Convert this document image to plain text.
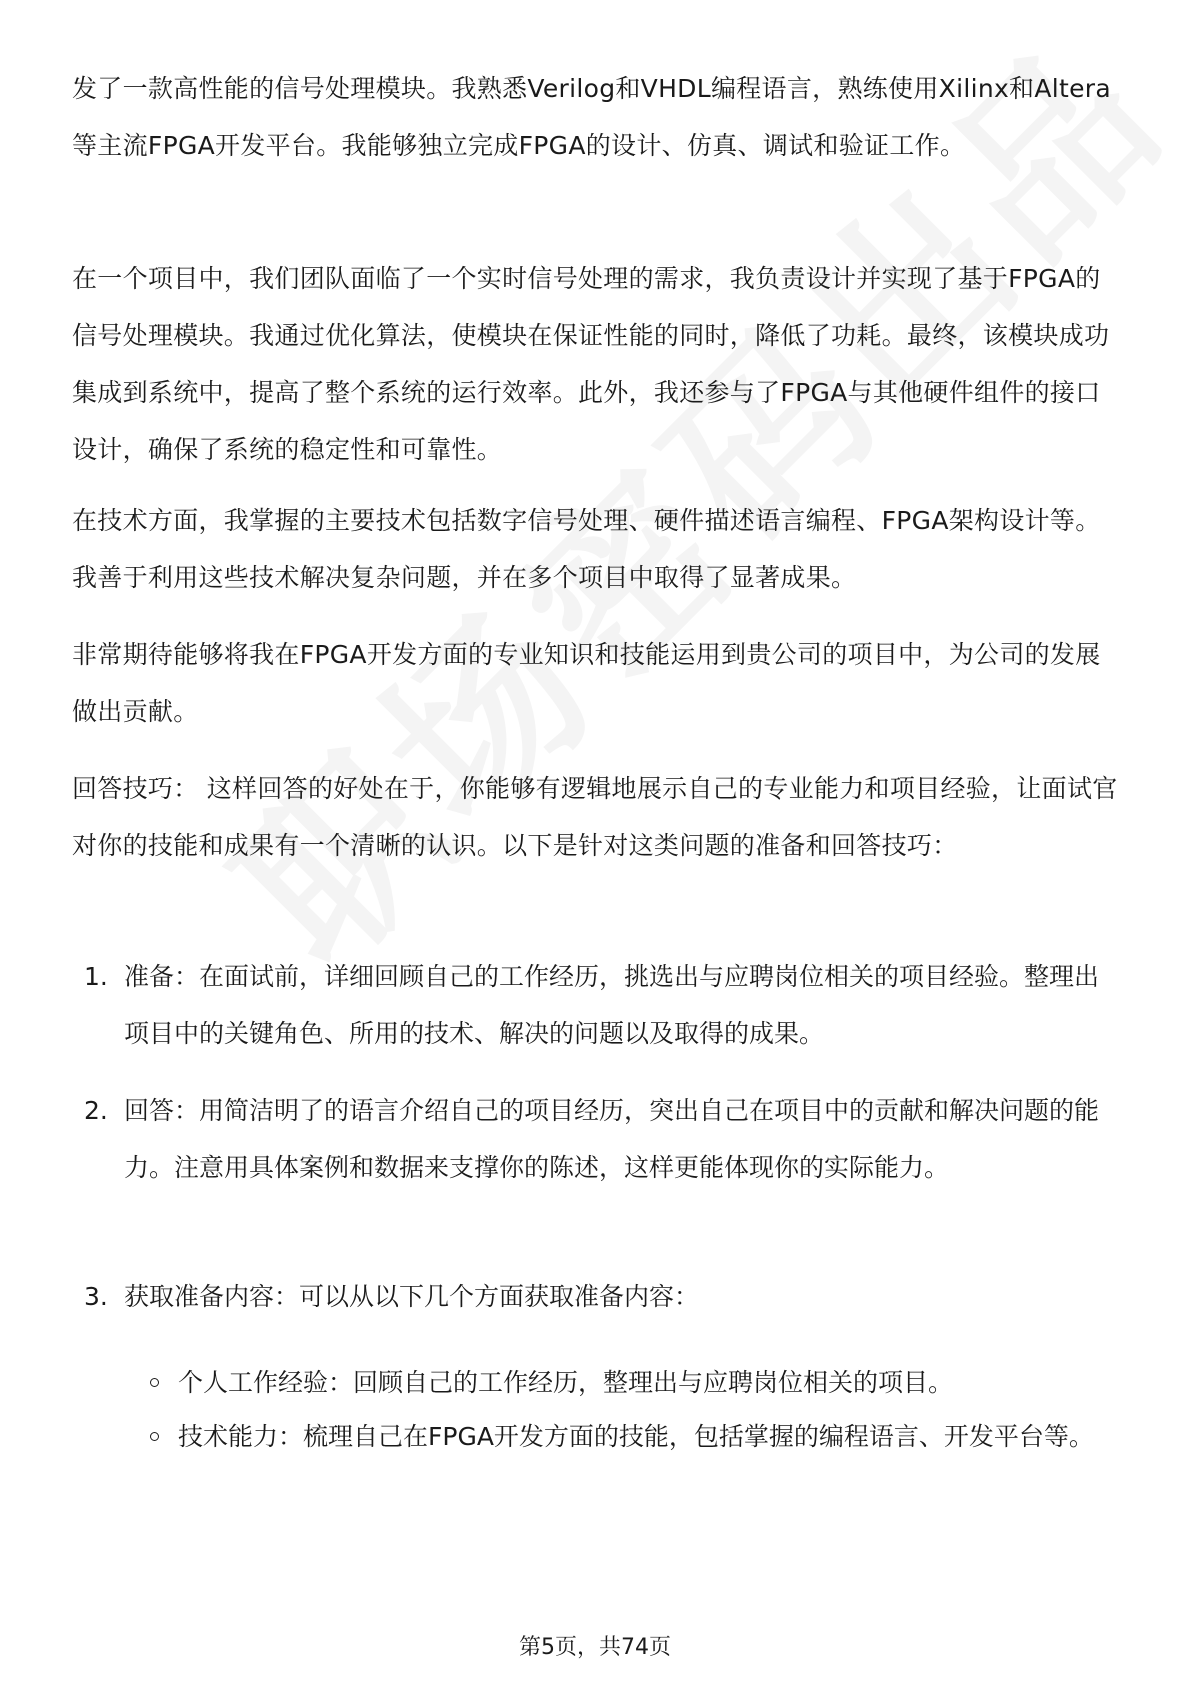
发了一款高性能的信号处理模块。我熟悉Verilog和VHDL编程语言，熟练使用Xilinx和Altera等主流FPGA开发平台。我能够独立完成FPGA的设计、仿真、调试和验证工作。

在一个项目中，我们团队面临了一个实时信号处理的需求，我负责设计并实现了基于FPGA的信号处理模块。我通过优化算法，使模块在保证性能的同时，降低了功耗。最终，该模块成功集成到系统中，提高了整个系统的运行效率。此外，我还参与了FPGA与其他硬件组件的接口设计，确保了系统的稳定性和可靠性。

在技术方面，我掌握的主要技术包括数字信号处理、硬件描述语言编程、FPGA架构设计等。我善于利用这些技术解决复杂问题，并在多个项目中取得了显著成果。

非常期待能够将我在FPGA开发方面的专业知识和技能运用到贵公司的项目中，为公司的发展做出贡献。

回答技巧： 这样回答的好处在于，你能够有逻辑地展示自己的专业能力和项目经验，让面试官对你的技能和成果有一个清晰的认识。以下是针对这类问题的准备和回答技巧：

1. 准备：在面试前，详细回顾自己的工作经历，挑选出与应聘岗位相关的项目经验。整理出项目中的关键角色、所用的技术、解决的问题以及取得的成果。
2. 回答：用简洁明了的语言介绍自己的项目经历，突出自己在项目中的贡献和解决问题的能力。注意用具体案例和数据来支撑你的陈述，这样更能体现你的实际能力。
3. 获取准备内容：可以从以下几个方面获取准备内容：
个人工作经验：回顾自己的工作经历，整理出与应聘岗位相关的项目。
技术能力：梳理自己在FPGA开发方面的技能，包括掌握的编程语言、开发平台等。
第5页，共74页
